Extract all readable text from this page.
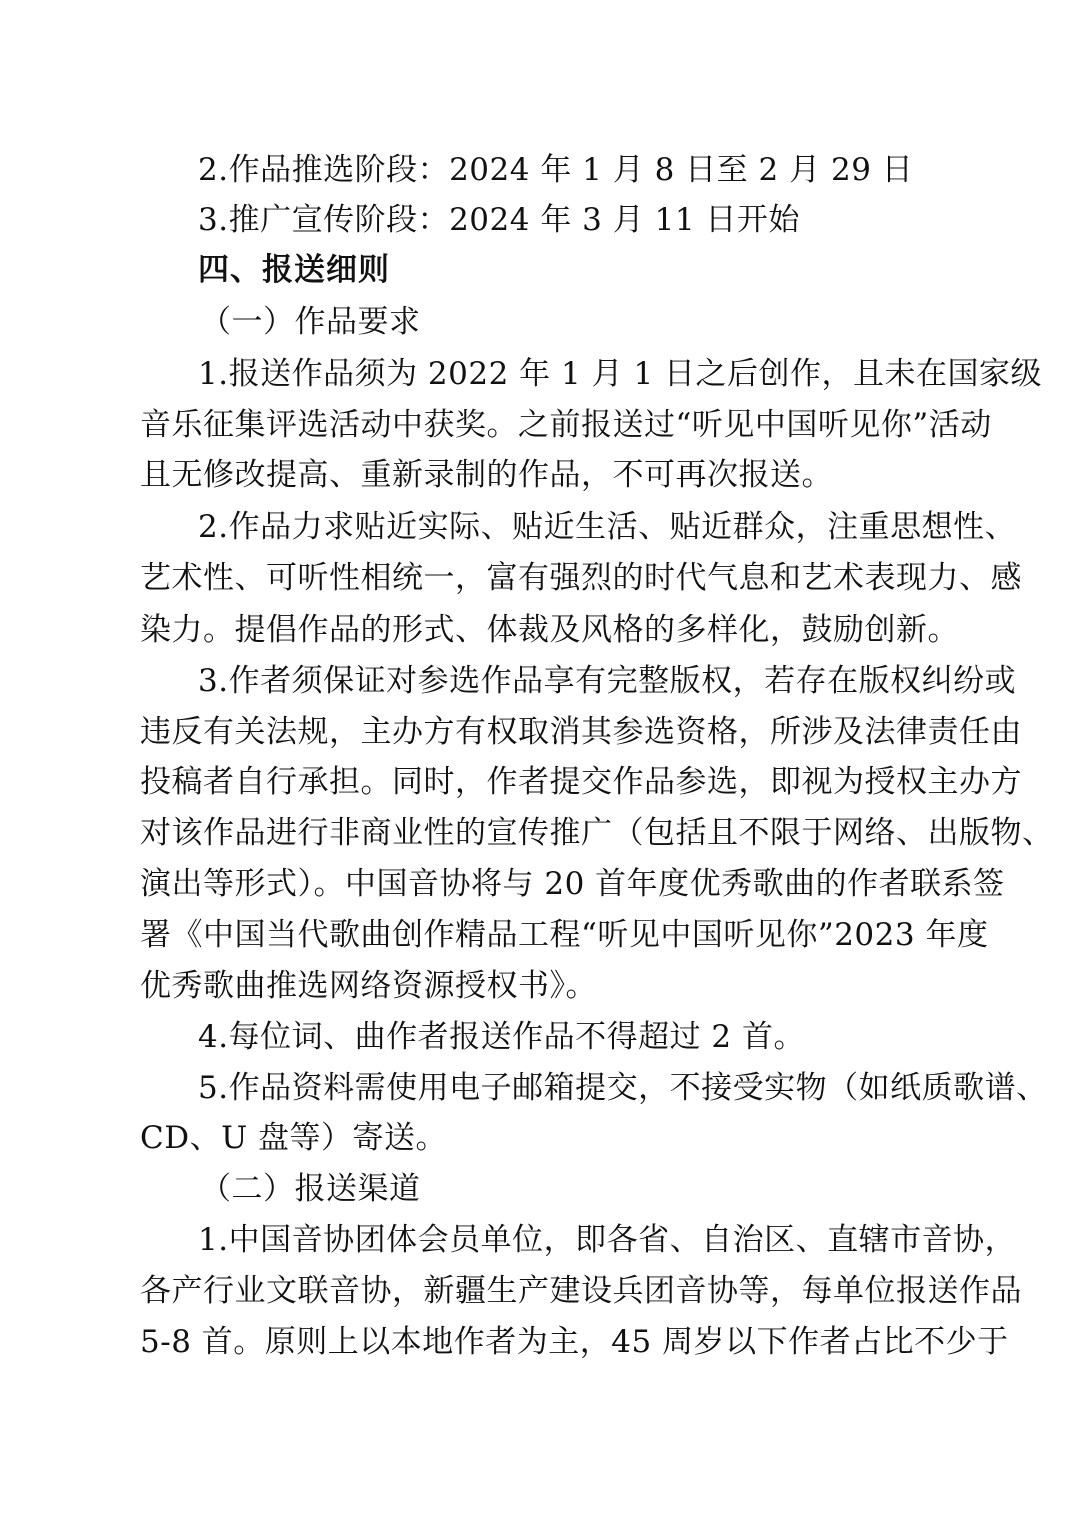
2.作品推选阶段：2024 年 1 月 8 日至 2 月 29 日
3.推广宣传阶段：2024 年 3 月 11 日开始
四、报送细则
（一）作品要求
1.报送作品须为 2022 年 1 月 1 日之后创作，且未在国家级
音乐征集评选活动中获奖。之前报送过“听见中国听见你”活动
且无修改提高、重新录制的作品，不可再次报送。
2.作品力求贴近实际、贴近生活、贴近群众，注重思想性、
艺术性、可听性相统一，富有强烈的时代气息和艺术表现力、感
染力。提倡作品的形式、体裁及风格的多样化，鼓励创新。
3.作者须保证对参选作品享有完整版权，若存在版权纠纷或
违反有关法规，主办方有权取消其参选资格，所涉及法律责任由
投稿者自行承担。同时，作者提交作品参选，即视为授权主办方
对该作品进行非商业性的宣传推广（包括且不限于网络、出版物、
演出等形式）。中国音协将与 20 首年度优秀歌曲的作者联系签
署《中国当代歌曲创作精品工程“听见中国听见你”2023 年度
优秀歌曲推选网络资源授权书》。
4.每位词、曲作者报送作品不得超过 2 首。
5.作品资料需使用电子邮箱提交，不接受实物（如纸质歌谱、
CD、U 盘等）寄送。
（二）报送渠道
1.中国音协团体会员单位，即各省、自治区、直辖市音协，
各产行业文联音协，新疆生产建设兵团音协等，每单位报送作品
5-8 首。原则上以本地作者为主，45 周岁以下作者占比不少于
